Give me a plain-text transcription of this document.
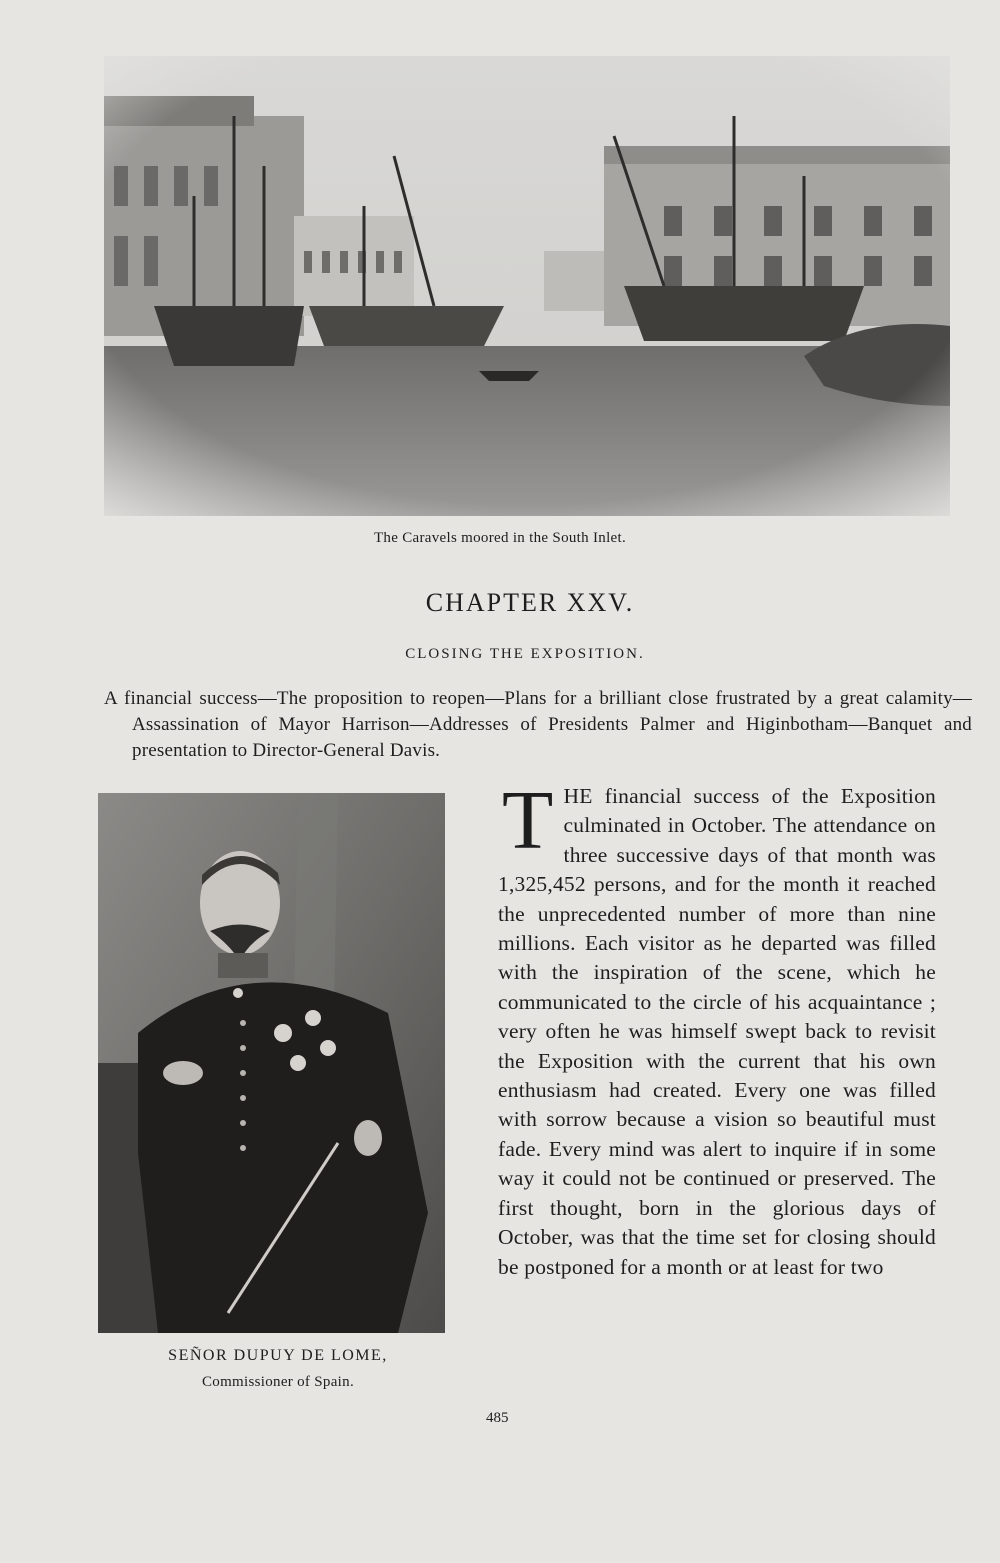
The Caravels moored in the South Inlet.
CHAPTER XXV.
CLOSING THE EXPOSITION.
A financial success—The proposition to reopen—Plans for a brilliant close frustrated by a great calamity—Assassination of Mayor Harrison—Addresses of Presidents Palmer and Higinbotham—Banquet and presentation to Director-General Davis.
SEÑOR DUPUY DE LOME,
Commissioner of Spain.
THE financial success of the Exposition culminated in October. The attendance on three successive days of that month was 1,325,452 persons, and for the month it reached the unprecedented number of more than nine millions. Each visitor as he departed was filled with the inspiration of the scene, which he communicated to the circle of his acquaintance ; very often he was himself swept back to revisit the Exposition with the current that his own enthusiasm had created. Every one was filled with sorrow because a vision so beautiful must fade. Every mind was alert to inquire if in some way it could not be continued or preserved. The first thought, born in the glorious days of October, was that the time set for closing should be postponed for a month or at least for two
485
